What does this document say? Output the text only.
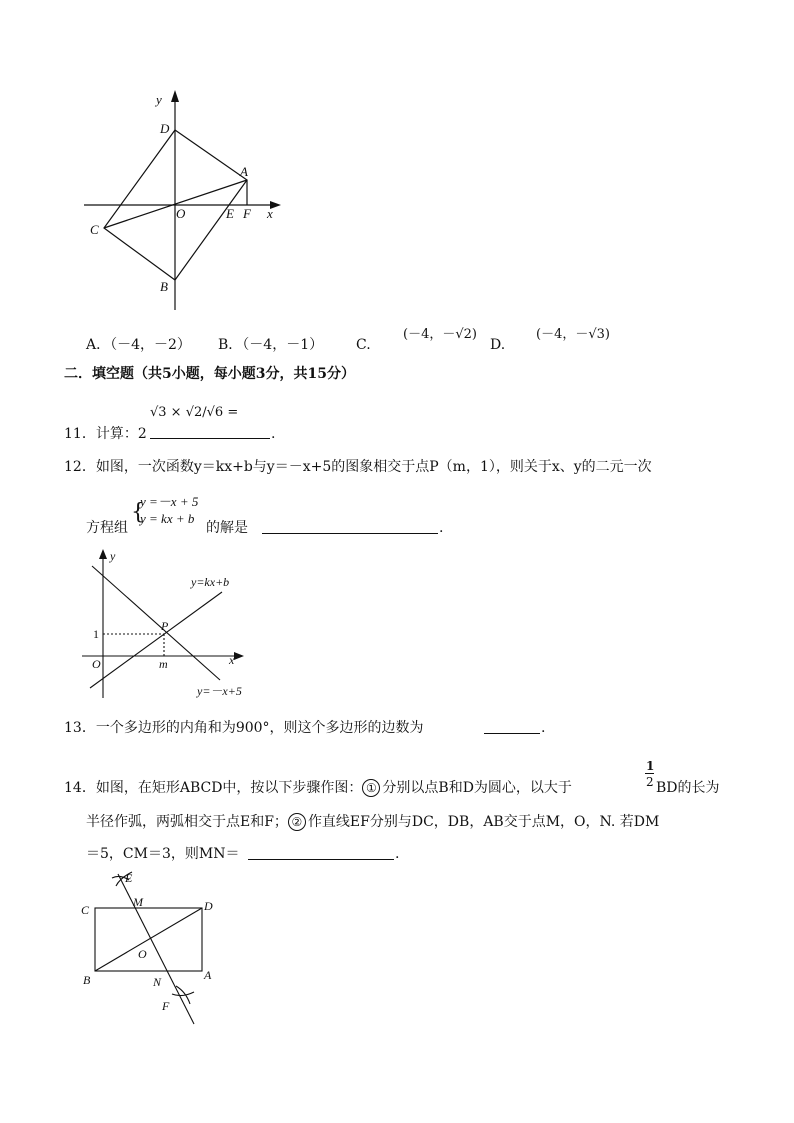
y
D
A
O	E F x
C
B
A．（－4，－2） B．（－4，－1） C.
(－4，－√2)
D.
(－4，－√3)
二．填空题（共5小题，每小题3分，共15分）
11．计算：2
√3 × √2/√6 =
.
12．如图，一次函数y＝kx+b与y＝－x+5的图象相交于点P（m，1），则关于x、y的二元一次
方程组
{
y =－x + 5
y = kx + b
的解是	.
y
y=kx+b
P
1
O	m	x
y=－x+5
13．一个多边形的内角和为900°，则这个多边形的边数为	.
14．如图，在矩形ABCD中，按以下步骤作图： ① 分别以点B和D为圆心，以大于
1
2 BD的长为
半径作弧，两弧相交于点E和F； ② 作直线EF分别与DC，DB，AB交于点M，O，N. 若DM
＝5，CM＝3，则MN＝	.
E
M
C	D
O
B	A
N
F
